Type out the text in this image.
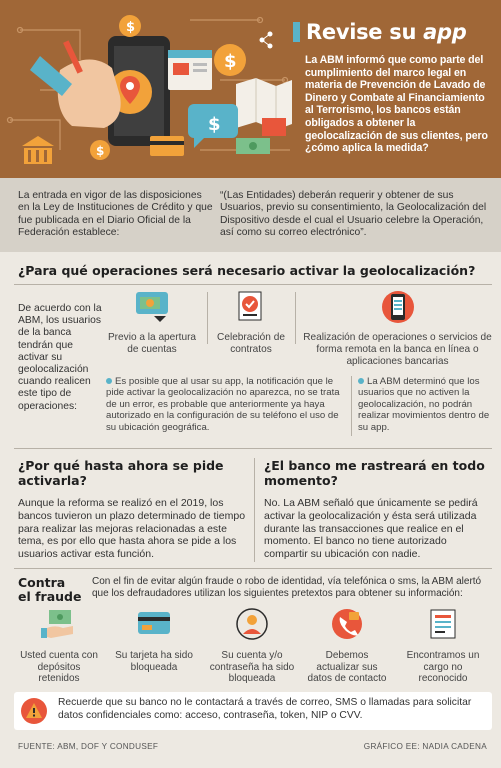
$
$
$
$
Revise su app
La ABM informó que como parte del cumplimiento del marco legal en materia de Prevención de Lavado de Dinero y Combate al Financiamiento al Terrorismo, los bancos están obligados a obtener la geolocalización de sus clientes, pero ¿cómo aplica la medida?
La entrada en vigor de las disposiciones en la Ley de Instituciones de Crédito y que fue publicada en el Diario Oficial de la Federación establece:
“(Las Entidades) deberán requerir y obtener de sus Usuarios, previo su consentimiento, la Geolocalización del Dispositivo desde el cual el Usuario celebre la Operación, así como su correo electrónico”.
¿Para qué operaciones será necesario activar la geolocalización?
De acuerdo con la ABM, los usuarios de la banca tendrán que activar su geolocalización cuando realicen este tipo de operaciones:
Previo a la apertura de cuentas
Celebración de contratos
Realización de operaciones o servicios de forma remota en la banca en línea o aplicaciones bancarias
Es posible que al usar su app, la notificación que le pide activar la geolocalización no aparezca, no se trata de un error, es probable que anteriormente ya haya autorizado en la configuración de su teléfono el uso de su ubicación geográfica.
La ABM determinó que los usuarios que no activen la geolocalización, no podrán realizar movimientos dentro de su app.
¿Por qué hasta ahora se pide activarla?
Aunque la reforma se realizó en el 2019, los bancos tuvieron un plazo determinado de tiempo para realizar las mejoras relacionadas a este tema, es por ello que hasta ahora se pide a los usuarios activar esta función.
¿El banco me rastreará en todo momento?
No. La ABM señaló que únicamente se pedirá activar la geolocalización y ésta será utilizada durante las transacciones que realice en el momento. El banco no tiene autorizado compartir su ubicación con nadie.
Contra
el fraude
Con el fin de evitar algún fraude o robo de identidad, vía telefónica o sms, la ABM alertó que los defraudadores utilizan los siguientes pretextos para obtener su información:
Usted cuenta con depósitos retenidos
Su tarjeta ha sido bloqueada
Su cuenta y/o contraseña ha sido bloqueada
Debemos actualizar sus datos de contacto
Encontramos un cargo no reconocido
Recuerde que su banco no le contactará a través de correo, SMS o llamadas para solicitar datos confidenciales como: acceso, contraseña, token, NIP o CVV.
FUENTE: ABM, DOF Y CONDUSEF	GRÁFICO EE: NADIA CADENA
